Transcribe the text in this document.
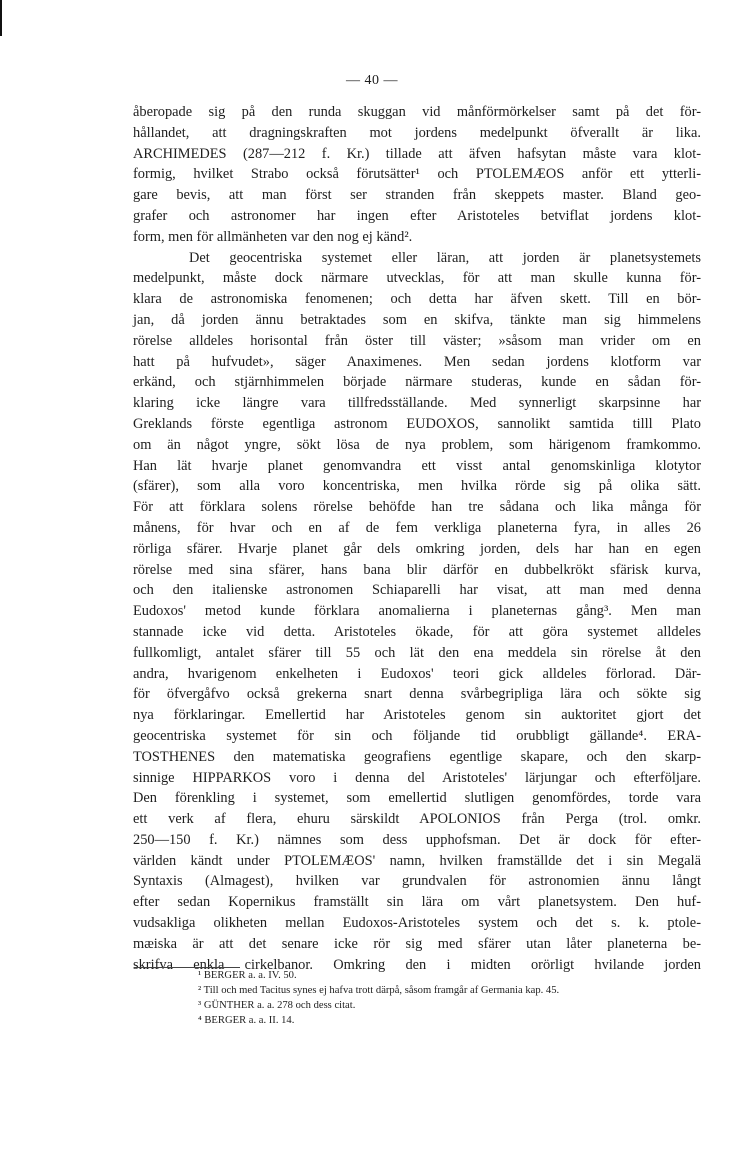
— 40 —
åberopade sig på den runda skuggan vid månförmörkelser samt på det för-
hållandet, att dragningskraften mot jordens medelpunkt öfverallt är lika.
ARCHIMEDES (287—212 f. Kr.) tillade att äfven hafsytan måste vara klot-
formig, hvilket Strabo också förutsätter¹ och PTOLEMÆOS anför ett ytterli-
gare bevis, att man först ser stranden från skeppets master. Bland geo-
grafer och astronomer har ingen efter Aristoteles betviflat jordens klot-
form, men för allmänheten var den nog ej känd².
Det geocentriska systemet eller läran, att jorden är planetsystemets
medelpunkt, måste dock närmare utvecklas, för att man skulle kunna för-
klara de astronomiska fenomenen; och detta har äfven skett. Till en bör-
jan, då jorden ännu betraktades som en skifva, tänkte man sig himmelens
rörelse alldeles horisontal från öster till väster; »såsom man vrider om en
hatt på hufvudet», säger Anaximenes. Men sedan jordens klotform var
erkänd, och stjärnhimmelen började närmare studeras, kunde en sådan för-
klaring icke längre vara tillfredsställande. Med synnerligt skarpsinne har
Greklands förste egentliga astronom EUDOXOS, sannolikt samtida tilll Plato
om än något yngre, sökt lösa de nya problem, som härigenom framkommo.
Han lät hvarje planet genomvandra ett visst antal genomskinliga klotytor
(sfärer), som alla voro koncentriska, men hvilka rörde sig på olika sätt.
För att förklara solens rörelse behöfde han tre sådana och lika många för
månens, för hvar och en af de fem verkliga planeterna fyra, in alles 26
rörliga sfärer. Hvarje planet går dels omkring jorden, dels har han en egen
rörelse med sina sfärer, hans bana blir därför en dubbelkrökt sfärisk kurva,
och den italienske astronomen Schiaparelli har visat, att man med denna
Eudoxos' metod kunde förklara anomalierna i planeternas gång³. Men man
stannade icke vid detta. Aristoteles ökade, för att göra systemet alldeles
fullkomligt, antalet sfärer till 55 och lät den ena meddela sin rörelse åt den
andra, hvarigenom enkelheten i Eudoxos' teori gick alldeles förlorad. Där-
för öfvergåfvo också grekerna snart denna svårbegripliga lära och sökte sig
nya förklaringar. Emellertid har Aristoteles genom sin auktoritet gjort det
geocentriska systemet för sin och följande tid orubbligt gällande⁴. ERA-
TOSTHENES den matematiska geografiens egentlige skapare, och den skarp-
sinnige HIPPARKOS voro i denna del Aristoteles' lärjungar och efterföljare.
Den förenkling i systemet, som emellertid slutligen genomfördes, torde vara
ett verk af flera, ehuru särskildt APOLONIOS från Perga (trol. omkr.
250—150 f. Kr.) nämnes som dess upphofsman. Det är dock för efter-
världen kändt under PTOLEMÆOS' namn, hvilken framställde det i sin Megalä
Syntaxis (Almagest), hvilken var grundvalen för astronomien ännu långt
efter sedan Kopernikus framställt sin lära om vårt planetsystem. Den huf-
vudsakliga olikheten mellan Eudoxos-Aristoteles system och det s. k. ptole-
mæiska är att det senare icke rör sig med sfärer utan låter planeterna be-
skrifva enkla cirkelbanor. Omkring den i midten orörligt hvilande jorden
¹ BERGER a. a. IV. 50.
² Till och med Tacitus synes ej hafva trott därpå, såsom framgår af Germania kap. 45.
³ GÜNTHER a. a. 278 och dess citat.
⁴ BERGER a. a. II. 14.
